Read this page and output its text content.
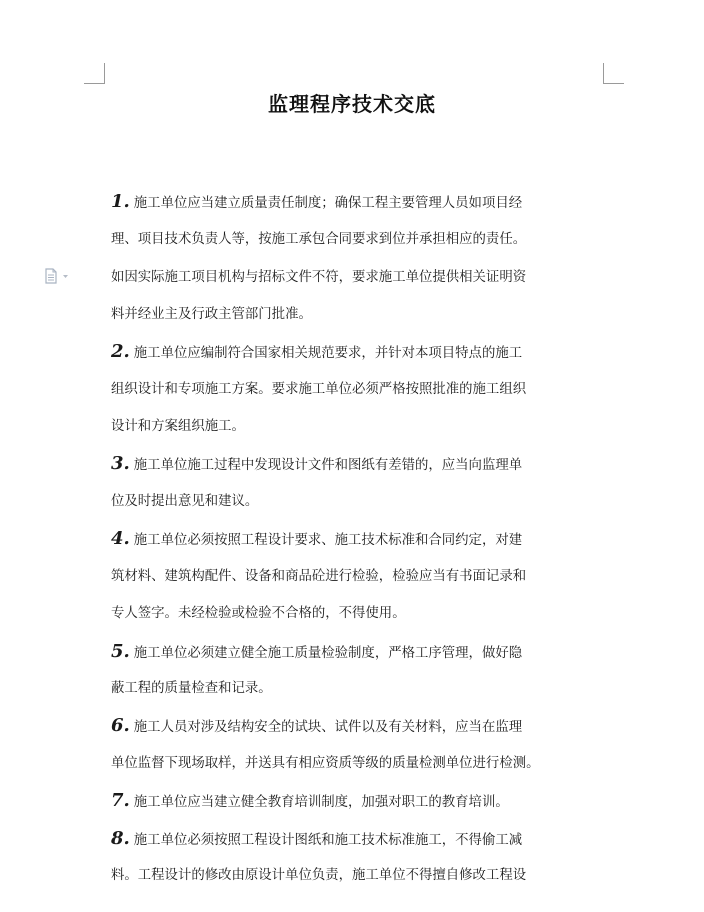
监理程序技术交底
1. 施工单位应当建立质量责任制度；确保工程主要管理人员如项目经
理、项目技术负责人等，按施工承包合同要求到位并承担相应的责任。
如因实际施工项目机构与招标文件不符，要求施工单位提供相关证明资
料并经业主及行政主管部门批准。
2. 施工单位应编制符合国家相关规范要求，并针对本项目特点的施工
组织设计和专项施工方案。要求施工单位必须严格按照批准的施工组织
设计和方案组织施工。
3. 施工单位施工过程中发现设计文件和图纸有差错的，应当向监理单
位及时提出意见和建议。
4. 施工单位必须按照工程设计要求、施工技术标准和合同约定，对建
筑材料、建筑构配件、设备和商品砼进行检验，检验应当有书面记录和
专人签字。未经检验或检验不合格的，不得使用。
5. 施工单位必须建立健全施工质量检验制度，严格工序管理，做好隐
蔽工程的质量检查和记录。
6. 施工人员对涉及结构安全的试块、试件以及有关材料，应当在监理
单位监督下现场取样，并送具有相应资质等级的质量检测单位进行检测。
7. 施工单位应当建立健全教育培训制度，加强对职工的教育培训。
8. 施工单位必须按照工程设计图纸和施工技术标准施工，不得偷工减
料。工程设计的修改由原设计单位负责，施工单位不得擅自修改工程设
